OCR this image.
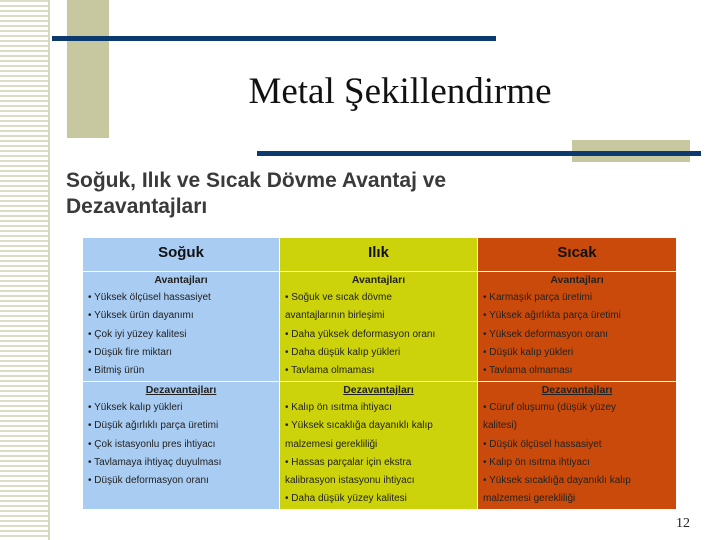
Metal Şekillendirme
Soğuk, Ilık ve Sıcak Dövme Avantaj ve
Dezavantajları
Soğuk	Ilık	Sıcak
Avantajları
• Yüksek ölçüsel hassasiyet
• Yüksek ürün dayanımı
• Çok iyi yüzey kalitesi
• Düşük fire miktarı
• Bitmiş ürün
Avantajları
• Soğuk ve sıcak dövme
avantajlarının birleşimi
• Daha yüksek deformasyon oranı
• Daha düşük kalıp yükleri
• Tavlama olmaması
Avantajları
• Karmaşık parça üretimi
• Yüksek ağırlıkta parça üretimi
• Yüksek deformasyon oranı
• Düşük kalıp yükleri
• Tavlama olmaması
Dezavantajları
• Yüksek kalıp yükleri
• Düşük ağırlıklı parça üretimi
• Çok istasyonlu pres ihtiyacı
• Tavlamaya ihtiyaç duyulması
• Düşük deformasyon oranı
Dezavantajları
• Kalıp ön ısıtma ihtiyacı
• Yüksek sıcaklığa dayanıklı kalıp
malzemesi gerekliliği
• Hassas parçalar için ekstra
kalibrasyon istasyonu ihtiyacı
• Daha düşük yüzey kalitesi
Dezavantajları
• Cüruf oluşumu (düşük yüzey
kalitesi)
• Düşük ölçüsel hassasiyet
• Kalıp ön ısıtma ihtiyacı
• Yüksek sıcaklığa dayanıklı kalıp
malzemesi gerekliliği
12
